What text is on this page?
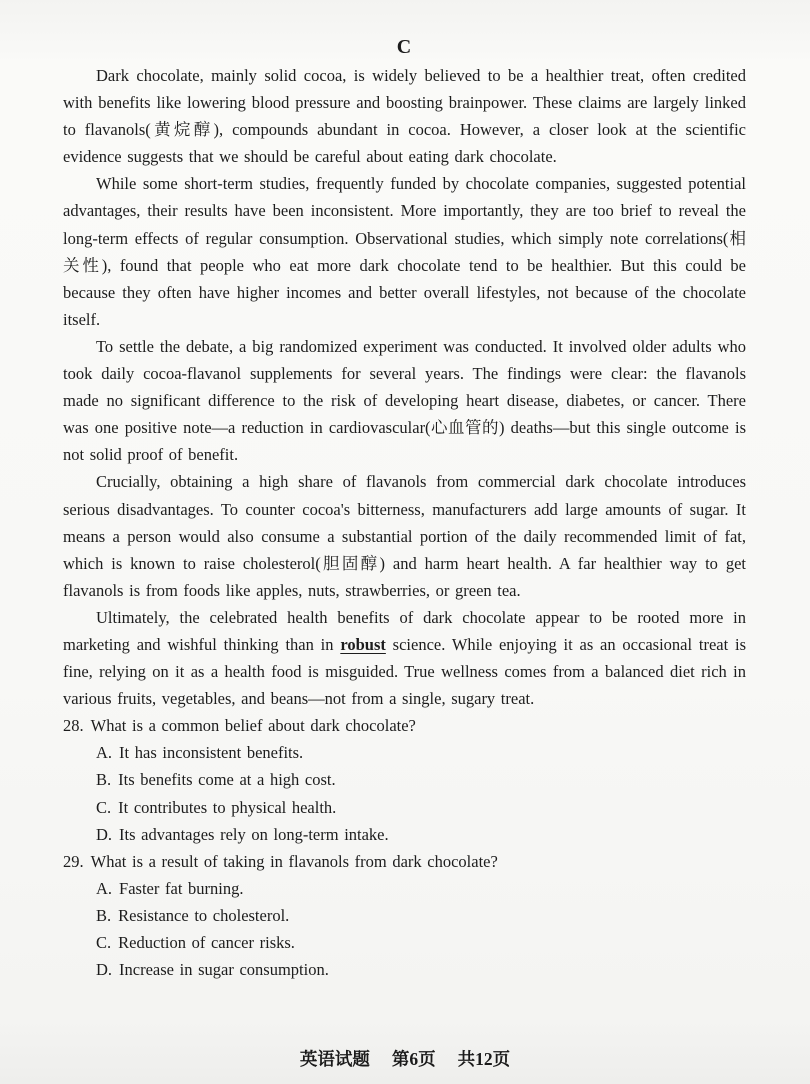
C

Dark chocolate, mainly solid cocoa, is widely believed to be a healthier treat, often credited with benefits like lowering blood pressure and boosting brainpower. These claims are largely linked to flavanols(黄烷醇), compounds abundant in cocoa. However, a closer look at the scientific evidence suggests that we should be careful about eating dark chocolate.

While some short-term studies, frequently funded by chocolate companies, suggested potential advantages, their results have been inconsistent. More importantly, they are too brief to reveal the long-term effects of regular consumption. Observational studies, which simply note correlations(相关性), found that people who eat more dark chocolate tend to be healthier. But this could be because they often have higher incomes and better overall lifestyles, not because of the chocolate itself.

To settle the debate, a big randomized experiment was conducted. It involved older adults who took daily cocoa-flavanol supplements for several years. The findings were clear: the flavanols made no significant difference to the risk of developing heart disease, diabetes, or cancer. There was one positive note—a reduction in cardiovascular(心血管的) deaths—but this single outcome is not solid proof of benefit.

Crucially, obtaining a high share of flavanols from commercial dark chocolate introduces serious disadvantages. To counter cocoa's bitterness, manufacturers add large amounts of sugar. It means a person would also consume a substantial portion of the daily recommended limit of fat, which is known to raise cholesterol(胆固醇) and harm heart health. A far healthier way to get flavanols is from foods like apples, nuts, strawberries, or green tea.

Ultimately, the celebrated health benefits of dark chocolate appear to be rooted more in marketing and wishful thinking than in robust science. While enjoying it as an occasional treat is fine, relying on it as a health food is misguided. True wellness comes from a balanced diet rich in various fruits, vegetables, and beans—not from a single, sugary treat.

28. What is a common belief about dark chocolate?

A. It has inconsistent benefits.
B. Its benefits come at a high cost.
C. It contributes to physical health.
D. Its advantages rely on long-term intake.

29. What is a result of taking in flavanols from dark chocolate?

A. Faster fat burning.
B. Resistance to cholesterol.
C. Reduction of cancer risks.
D. Increase in sugar consumption.
英语试题 第6页 共12页
